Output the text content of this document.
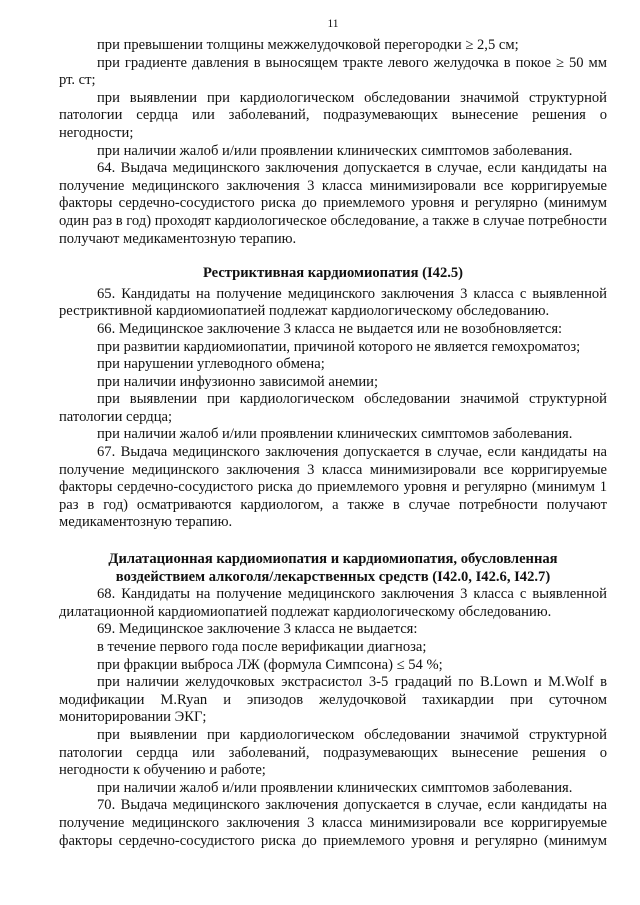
11

при превышении толщины межжелудочковой перегородки ≥ 2,5 см;

при градиенте давления в выносящем тракте левого желудочка в покое ≥ 50 мм рт. ст;

при выявлении при кардиологическом обследовании значимой структурной патологии сердца или заболеваний, подразумевающих вынесение решения о негодности;

при наличии жалоб и/или проявлении клинических симптомов заболевания.

64. Выдача медицинского заключения допускается в случае, если кандидаты на получение медицинского заключения 3 класса минимизировали все корригируемые факторы сердечно-сосудистого риска до приемлемого уровня и регулярно (минимум один раз в год) проходят кардиологическое обследование, а также в случае потребности получают медикаментозную терапию.

Рестриктивная кардиомиопатия (I42.5)

65. Кандидаты на получение медицинского заключения 3 класса с выявленной рестриктивной кардиомиопатией подлежат кардиологическому обследованию.

66. Медицинское заключение 3 класса не выдается или не возобновляется:

при развитии кардиомиопатии, причиной которого не является гемохроматоз;

при нарушении углеводного обмена;

при наличии инфузионно зависимой анемии;

при выявлении при кардиологическом обследовании значимой структурной патологии сердца;

при наличии жалоб и/или проявлении клинических симптомов заболевания.

67. Выдача медицинского заключения допускается в случае, если кандидаты на получение медицинского заключения 3 класса минимизировали все корригируемые факторы сердечно-сосудистого риска до приемлемого уровня и регулярно (минимум 1 раз в год) осматриваются кардиологом, а также в случае потребности получают медикаментозную терапию.

Дилатационная кардиомиопатия и кардиомиопатия, обусловленная

воздействием алкоголя/лекарственных средств (I42.0, I42.6, I42.7)

68. Кандидаты на получение медицинского заключения 3 класса с выявленной дилатационной кардиомиопатией подлежат кардиологическому обследованию.

69. Медицинское заключение 3 класса не выдается:

в течение первого года после верификации диагноза;

при фракции выброса ЛЖ (формула Симпсона) ≤ 54 %;

при наличии желудочковых экстрасистол 3-5 градаций по B.Lown и M.Wolf в модификации M.Ryan и эпизодов желудочковой тахикардии при суточном мониторировании ЭКГ;

при выявлении при кардиологическом обследовании значимой структурной патологии сердца или заболеваний, подразумевающих вынесение решения о негодности к обучению и работе;

при наличии жалоб и/или проявлении клинических симптомов заболевания.

70. Выдача медицинского заключения допускается в случае, если кандидаты на получение медицинского заключения 3 класса минимизировали все корригируемые факторы сердечно-сосудистого риска до приемлемого уровня и регулярно (минимум
